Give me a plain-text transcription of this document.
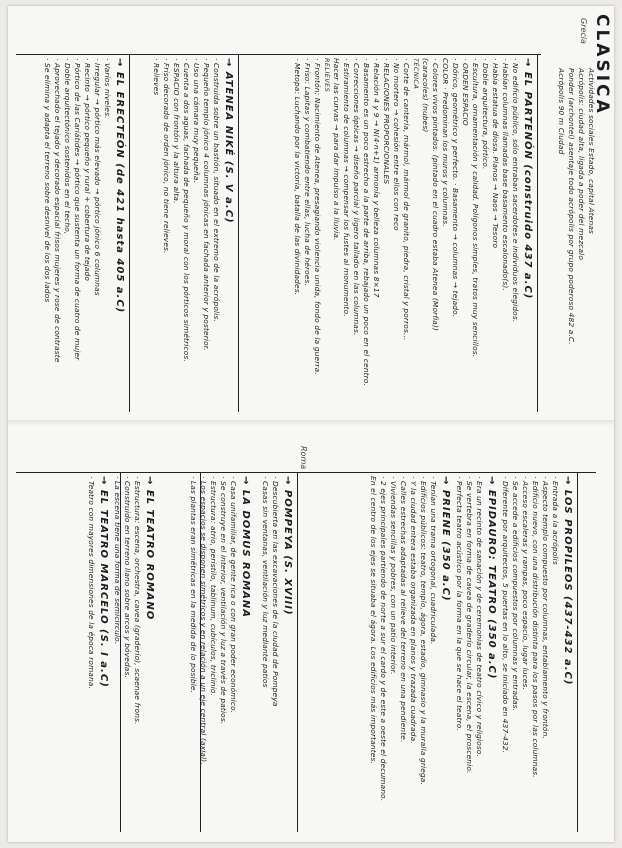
CLASICA
Grecia
Roma
Actividades sociales Estado, capital Atenas
Acrópolis: ciudad alta, ligada a poder del mezcalo
Ponder (archontel) asentaje todo acrópolis por grupo poderoso 482 a.C.
Acrópolis 90 m Ciudad
→ EL PARTENÓN (construido 437 a.C)
· No edificio público, sólo entraban sacerdotes e individuos elegidos.
· Habían columnas llamadas base basamento escalonado(s).
· Había estatua de diosa. Planos → Naos → Tesoro
· Doble arquitectura, pórtico.
· Escultura, ornamentación y calidad. Polígonos simples, tratos muy sencillos.
· ORDEN ESPACIO
· Dórico, geométrico y perfecto. · Basamento → columnas → tejado.
COLOR · Predominan los muros y columnas.
· Colores vivos pintados. (pintado en el cuadro estaba Atenea (Morfia))
(caracoles) (nubes)
TÉCNICA
· Corte de cantería, mármol, mármol de granito, piedra, cristal y porros...
· No mortero → cohesión entre ellos con reco
· RELACIONES PROPORCIONALES
· Relación 4 y 9 → N(4·n+1) armonía y belleza columnas 8×17
· Basamento es un poco estrecho a la parte de arriba, rebajado un poco en el centro.
· Correcciones ópticas → diseño parcial y ligero tallado en las columnas.
· Estiramiento de columnas → compensar los fustes al monumento.
Hacer las curvas → para dar impulso a la lluvia.
RELIEVES
· Frontón: Nacimiento de Atenea, presagiando violencia unida, fondo de la guerra.
· Friso: Lapitas y combatiendo entre ellas, lucha de héroes.
· Metopa: Luchando por la victoria, batalla de las divinidades.
→ ATENEA NIKÉ (S. V a.C)
· Construida sobre un bastión, situado en el extremo de la acrópolis.
· Pequeño templo jónico 4 columnas jónicas en fachada anterior y posterior.
· Uso una cámara muy pequeña.
· Cuenta a dos aguas, fachada de pequeño y moral con los pórticos simétricos.
· ESPACIO con frontón y la altura alta.
· Friso decorado de orden jónico, no tiene relieves.
· Relieves
→ EL ERECTEÓN (de 421 hasta 405 a.C)
· Varios niveles.
· Irregular → pórtico más elevado → pórtico jónico 6 columnas
· Recinto → pórtico pequeño y rural + cobertura de tejado
· Pórtico de las Cariátides → pórtico que sustenta un forma de cuatro de mujer
· Doble arquitectónico sostenidos en el techo,
· Aprovechado el tejado y decorado espacial frisos mujeres y rose de contraste
· Se elimina y adapta el terreno sobre desnivel de los dos lados
→ LOS PROPILEOS (437-432 a.C)
· Entrada a la acrópolis
· Aspecto templo compuesto por columnas, entablamento y frontón.
· Edificio nuevo, con una distribución distinta para los pasos por las columnas.
· Acceso escaleras y rampas, poco espacio, lugar luces.
· Se accede a edificios compuestos por columnas y entradas.
· Diferente por arquitectos, 5 puertas en lo alto, se iniciado en 437-432.
→ EPIDAURO: TEATRO (350 a.C)
· Era un recinto de sanación y de ceremonias de teatro cívico y religioso.
· Se vertebra en forma de cavea de graderío circular, la escena, el proscenio.
· Perfecta teatro acústico por la forma en la que se hace el teatro.
→ PRIENE (350 a.C)
· Tenían una trama ortogonal, cuadriculada.
· Edificios públicos: teatro, templo, ágora, estadio, gimnasio y la muralla griega.
· Y la ciudad entera estaba organizada en planos y trazada cuadrada.
· Calles estrechas adaptadas al relieve del terreno en una pendiente.
· Viviendas sencillas y pobres, con un patio interior.
· 2 ejes principales partiendo de norte a sur el cardo y de este a oeste el decumano.
En el centro de los ejes se situaba el ágora. Los edificios más importantes.
→ POMPEYA (S. XVIII)
· Descubierta en las excavaciones de la ciudad de Pompeya
· Casas sin ventanas, ventilación y luz mediante patios
→ LA DOMUS ROMANA
· Casa unifamiliar, de gente rica o con gran poder económico.
· Se construye en el interior, ventilación y luz a través de patios.
· Estructura: atrio, peristilo, tablinum, cubículos, triclinio.
· Los espacios se disponen simétricos y en relación a un eje central (axial).
· Las plantas eran simétricas en la medida de lo posible.
→ EL TEATRO ROMANO
· Estructura: escena, orchestra, cavea (graderío), scaenae frons.
· Construido en terreno llano sobre arcos y bóvedas.
· La escena tiene una forma de semicírculo.
→ EL TEATRO MARCELO (S. I a.C)
· Teatro con mayores dimensiones de la época romana.
